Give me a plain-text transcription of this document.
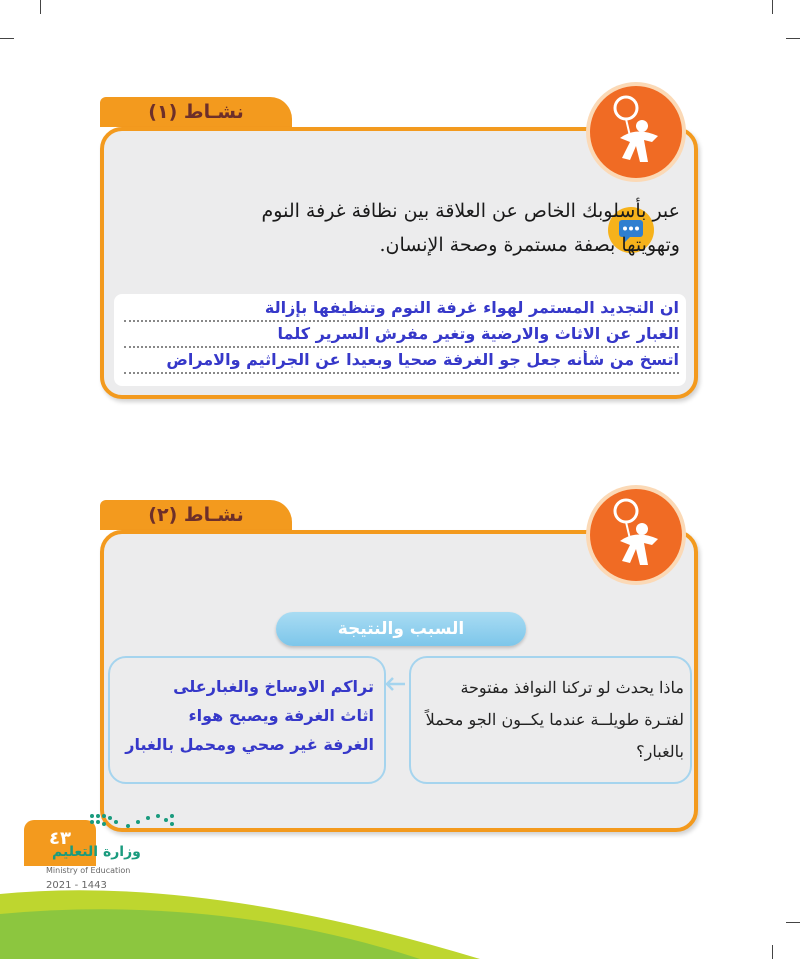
نشـاط (١)
عبر بأسلوبك الخاص عن العلاقة بين نظافة غرفة النوم وتهويتها بصفة مستمرة وصحة الإنسان.
ان التجديد المستمر لهواء غرفة النوم وتنظيفها بإزالة
الغبار عن الاثاث والارضية وتغير مفرش السرير كلما
اتسخ من شأنه جعل جو الغرفة صحيا وبعيدا عن الجراثيم والامراض
نشـاط (٢)
السبب والنتيجة
ماذا يحدث لو تركنا النوافذ مفتوحة لفتـرة طويلــة عندما يكــون الجو محملاً بالغبار؟
تراكم الاوساخ والغبارعلى
اثاث الغرفة ويصبح هواء
الغرفة غير صحي ومحمل بالغبار
٤٣
وزارة التعليم
Ministry of Education
2021 - 1443
